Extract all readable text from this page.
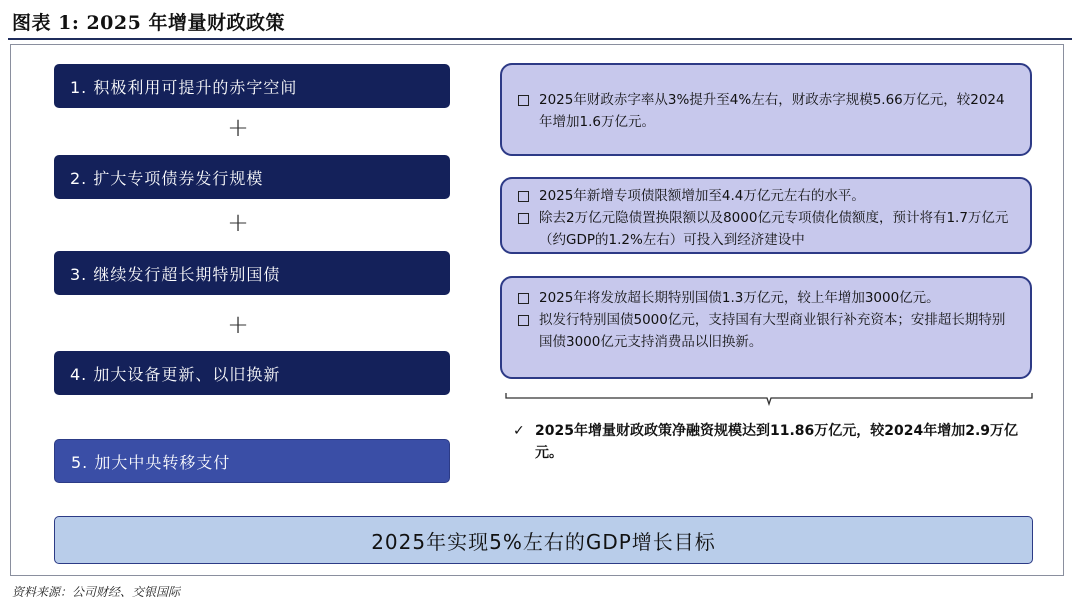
图表 1: 2025 年增量财政政策
1. 积极利用可提升的赤字空间
+
2. 扩大专项债券发行规模
+
3. 继续发行超长期特别国债
+
4. 加大设备更新、以旧换新
5. 加大中央转移支付
2025年财政赤字率从3%提升至4%左右，财政赤字规模5.66万亿元，较2024年增加1.6万亿元。
2025年新增专项债限额增加至4.4万亿元左右的水平。
除去2万亿元隐债置换限额以及8000亿元专项债化债额度，预计将有1.7万亿元（约GDP的1.2%左右）可投入到经济建设中
2025年将发放超长期特别国债1.3万亿元，较上年增加3000亿元。
拟发行特别国债5000亿元，支持国有大型商业银行补充资本；安排超长期特别国债3000亿元支持消费品以旧换新。
✓ 2025年增量财政政策净融资规模达到11.86万亿元，较2024年增加2.9万亿元。
2025年实现5%左右的GDP增长目标
资料来源：公司财经、交银国际
